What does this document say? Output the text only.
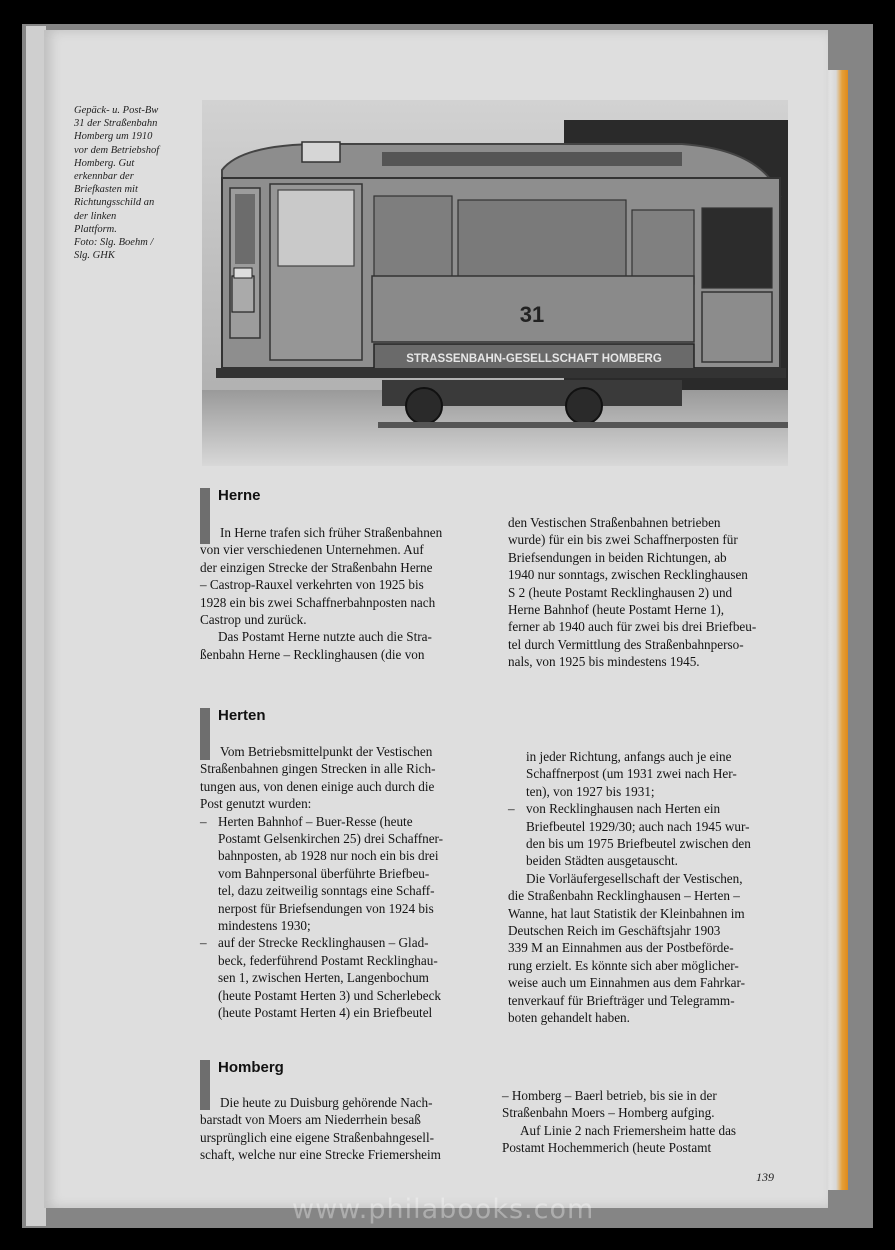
Gepäck- u. Post-Bw
31 der Straßenbahn
Homberg um 1910
vor dem Betriebshof
Homberg. Gut
erkennbar der
Briefkasten mit
Richtungsschild an
der linken
Plattform.
Foto: Slg. Boehm /
Slg. GHK
31
STRASSENBAHN-GESELLSCHAFT HOMBERG
Herne
In Herne trafen sich früher Straßenbahnen
von vier verschiedenen Unternehmen. Auf
der einzigen Strecke der Straßenbahn Herne
– Castrop-Rauxel verkehrten von 1925 bis
1928 ein bis zwei Schaffnerbahnposten nach
Castrop und zurück.
Das Postamt Herne nutzte auch die Stra-
ßenbahn Herne – Recklinghausen (die von
den Vestischen Straßenbahnen betrieben
wurde) für ein bis zwei Schaffnerposten für
Briefsendungen in beiden Richtungen, ab
1940 nur sonntags, zwischen Recklinghausen
S 2 (heute Postamt Recklinghausen 2) und
Herne Bahnhof (heute Postamt Herne 1),
ferner ab 1940 auch für zwei bis drei Briefbeu-
tel durch Vermittlung des Straßenbahnperso-
nals, von 1925 bis mindestens 1945.
Herten
Vom Betriebsmittelpunkt der Vestischen
Straßenbahnen gingen Strecken in alle Rich-
tungen aus, von denen einige auch durch die
Post genutzt wurden:
– Herten Bahnhof – Buer-Resse (heute
Postamt Gelsenkirchen 25) drei Schaffner-
bahnposten, ab 1928 nur noch ein bis drei
vom Bahnpersonal überführte Briefbeu-
tel, dazu zeitweilig sonntags eine Schaff-
nerpost für Briefsendungen von 1924 bis
mindestens 1930;
– auf der Strecke Recklinghausen – Glad-
beck, federführend Postamt Recklinghau-
sen 1, zwischen Herten, Langenbochum
(heute Postamt Herten 3) und Scherlebeck
(heute Postamt Herten 4) ein Briefbeutel
in jeder Richtung, anfangs auch je eine
Schaffnerpost (um 1931 zwei nach Her-
ten), von 1927 bis 1931;
– von Recklinghausen nach Herten ein
Briefbeutel 1929/30; auch nach 1945 wur-
den bis um 1975 Briefbeutel zwischen den
beiden Städten ausgetauscht.
Die Vorläufergesellschaft der Vestischen,
die Straßenbahn Recklinghausen – Herten –
Wanne, hat laut Statistik der Kleinbahnen im
Deutschen Reich im Geschäftsjahr 1903
339 M an Einnahmen aus der Postbeförde-
rung erzielt. Es könnte sich aber möglicher-
weise auch um Einnahmen aus dem Fahrkar-
tenverkauf für Briefträger und Telegramm-
boten gehandelt haben.
Homberg
Die heute zu Duisburg gehörende Nach-
barstadt von Moers am Niederrhein besaß
ursprünglich eine eigene Straßenbahngesell-
schaft, welche nur eine Strecke Friemersheim
– Homberg – Baerl betrieb, bis sie in der
Straßenbahn Moers – Homberg aufging.
Auf Linie 2 nach Friemersheim hatte das
Postamt Hochemmerich (heute Postamt
139
www.philabooks.com
